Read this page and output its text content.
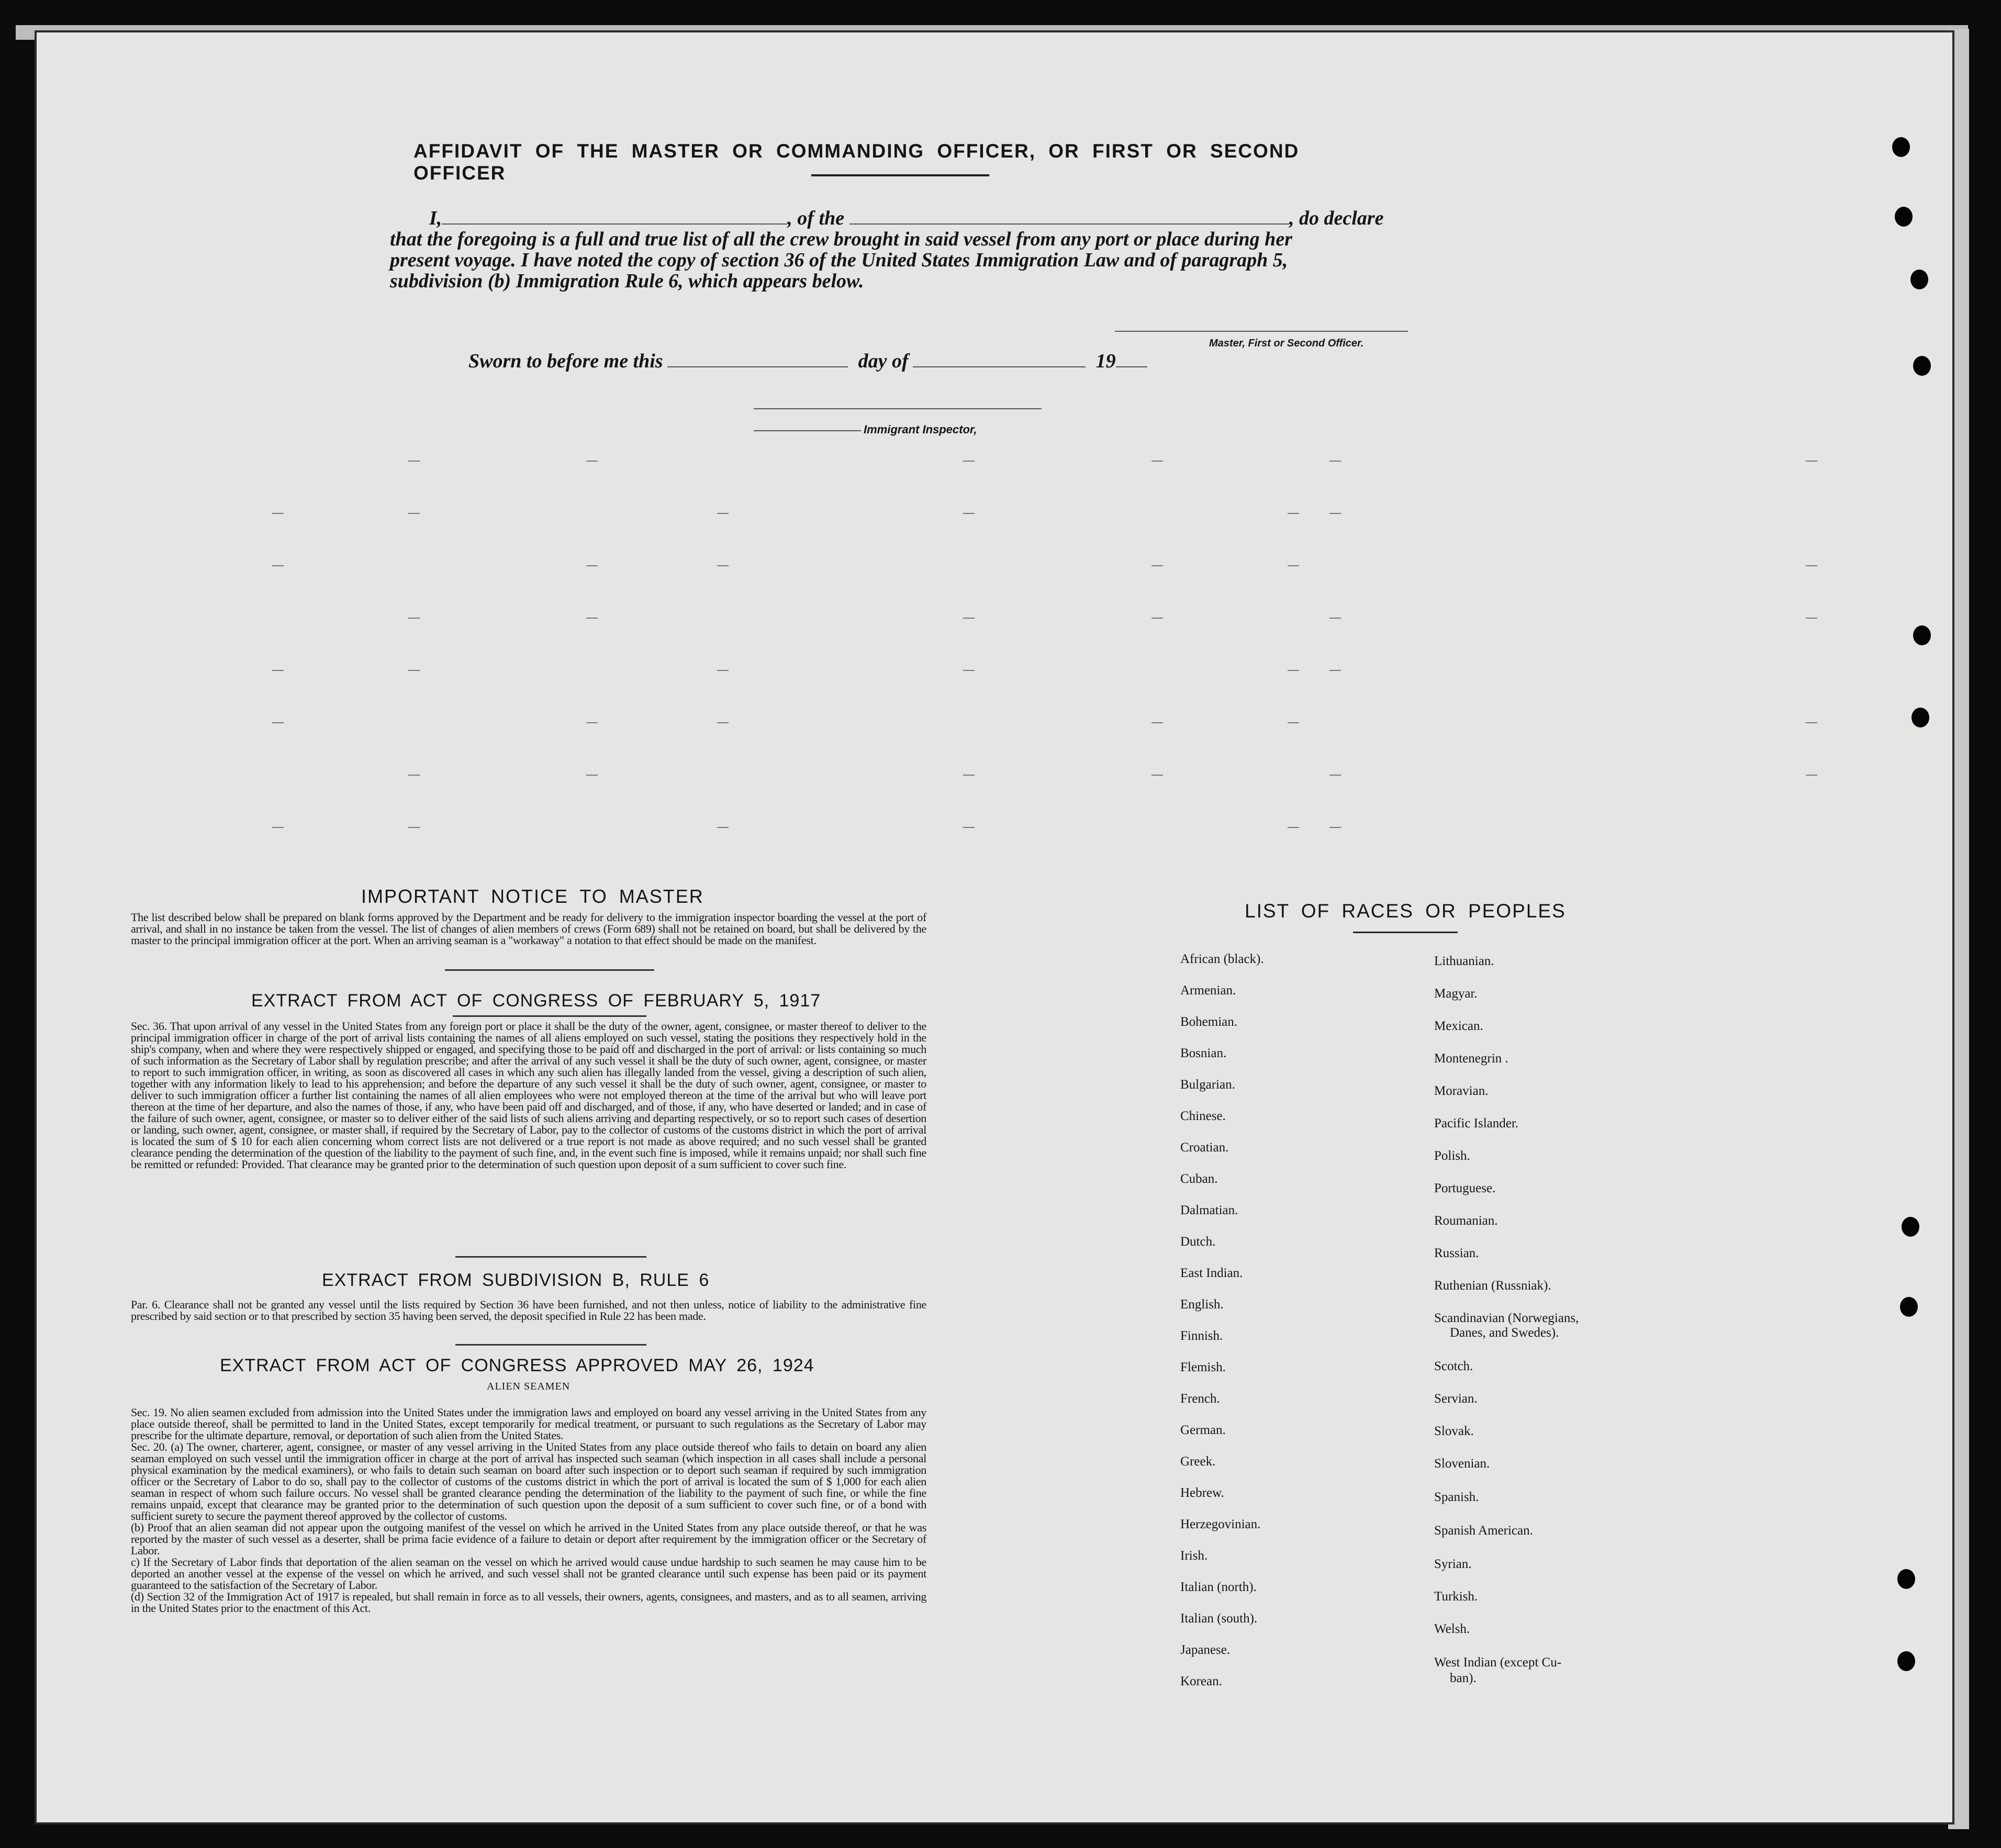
AFFIDAVIT OF THE MASTER OR COMMANDING OFFICER, OR FIRST OR SECOND OFFICER
I,	, of the	, do declare
that the foregoing is a full and true list of all the crew brought in said vessel from any port or place during her
present voyage. I have noted the copy of section 36 of the United States Immigration Law and of paragraph 5,
subdivision (b) Immigration Rule 6, which appears below.
Master, First or Second Officer.
Sworn to before me this	day of	19
Immigrant Inspector,
IMPORTANT NOTICE TO MASTER
The list described below shall be prepared on blank forms approved by the Department and be ready for delivery to the immigration inspector boarding the vessel at the port of arrival, and shall in no instance be taken from the vessel. The list of changes of alien members of crews (Form 689) shall not be retained on board, but shall be delivered by the master to the principal immigration officer at the port. When an arriving seaman is a "workaway" a notation to that effect should be made on the manifest.
EXTRACT FROM ACT OF CONGRESS OF FEBRUARY 5, 1917
Sec. 36. That upon arrival of any vessel in the United States from any foreign port or place it shall be the duty of the owner, agent, consignee, or master thereof to deliver to the principal immigration officer in charge of the port of arrival lists containing the names of all aliens employed on such vessel, stating the positions they respectively hold in the ship's company, when and where they were respectively shipped or engaged, and specifying those to be paid off and discharged in the port of arrival: or lists containing so much of such information as the Secretary of Labor shall by regulation prescribe; and after the arrival of any such vessel it shall be the duty of such owner, agent, consignee, or master to report to such immigration officer, in writing, as soon as discovered all cases in which any such alien has illegally landed from the vessel, giving a description of such alien, together with any information likely to lead to his apprehension; and before the departure of any such vessel it shall be the duty of such owner, agent, consignee, or master to deliver to such immigration officer a further list containing the names of all alien employees who were not employed thereon at the time of the arrival but who will leave port thereon at the time of her departure, and also the names of those, if any, who have been paid off and discharged, and of those, if any, who have deserted or landed; and in case of the failure of such owner, agent, consignee, or master so to deliver either of the said lists of such aliens arriving and departing respectively, or so to report such cases of desertion or landing, such owner, agent, consignee, or master shall, if required by the Secretary of Labor, pay to the collector of customs of the customs district in which the port of arrival is located the sum of $ 10 for each alien concerning whom correct lists are not delivered or a true report is not made as above required; and no such vessel shall be granted clearance pending the determination of the question of the liability to the payment of such fine, and, in the event such fine is imposed, while it remains unpaid; nor shall such fine be remitted or refunded: Provided. That clearance may be granted prior to the determination of such question upon deposit of a sum sufficient to cover such fine.
EXTRACT FROM SUBDIVISION B, RULE 6
Par. 6. Clearance shall not be granted any vessel until the lists required by Section 36 have been furnished, and not then unless, notice of liability to the administrative fine prescribed by said section or to that prescribed by section 35 having been served, the deposit specified in Rule 22 has been made.
EXTRACT FROM ACT OF CONGRESS APPROVED MAY 26, 1924
ALIEN SEAMEN

Sec. 19. No alien seamen excluded from admission into the United States under the immigration laws and employed on board any vessel arriving in the United States from any place outside thereof, shall be permitted to land in the United States, except temporarily for medical treatment, or pursuant to such regulations as the Secretary of Labor may prescribe for the ultimate departure, removal, or deportation of such alien from the United States.

Sec. 20. (a) The owner, charterer, agent, consignee, or master of any vessel arriving in the United States from any place outside thereof who fails to detain on board any alien seaman employed on such vessel until the immigration officer in charge at the port of arrival has inspected such seaman (which inspection in all cases shall include a personal physical examination by the medical examiners), or who fails to detain such seaman on board after such inspection or to deport such seaman if required by such immigration officer or the Secretary of Labor to do so, shall pay to the collector of customs of the customs district in which the port of arrival is located the sum of $ 1,000 for each alien seaman in respect of whom such failure occurs. No vessel shall be granted clearance pending the determination of the liability to the payment of such fine, or while the fine remains unpaid, except that clearance may be granted prior to the determination of such question upon the deposit of a sum sufficient to cover such fine, or of a bond with sufficient surety to secure the payment thereof approved by the collector of customs.

(b) Proof that an alien seaman did not appear upon the outgoing manifest of the vessel on which he arrived in the United States from any place outside thereof, or that he was reported by the master of such vessel as a deserter, shall be prima facie evidence of a failure to detain or deport after requirement by the immigration officer or the Secretary of Labor.

c) If the Secretary of Labor finds that deportation of the alien seaman on the vessel on which he arrived would cause undue hardship to such seamen he may cause him to be deported an another vessel at the expense of the vessel on which he arrived, and such vessel shall not be granted clearance until such expense has been paid or its payment guaranteed to the satisfaction of the Secretary of Labor.

(d) Section 32 of the Immigration Act of 1917 is repealed, but shall remain in force as to all vessels, their owners, agents, consignees, and masters, and as to all seamen, arriving in the United States prior to the enactment of this Act.

LIST OF RACES OR PEOPLES
African (black).
Armenian.
Bohemian.
Bosnian.
Bulgarian.
Chinese.
Croatian.
Cuban.
Dalmatian.
Dutch.
East Indian.
English.
Finnish.
Flemish.
French.
German.
Greek.
Hebrew.
Herzegovinian.
Irish.
Italian (north).
Italian (south).
Japanese.
Korean.
Lithuanian.
Magyar.
Mexican.
Montenegrin .
Moravian.
Pacific Islander.
Polish.
Portuguese.
Roumanian.
Russian.
Ruthenian (Russniak).
Scandinavian (Norwegians,
Danes, and Swedes).
Scotch.
Servian.
Slovak.
Slovenian.
Spanish.
Spanish American.
Syrian.
Turkish.
Welsh.
West Indian (except Cu-
ban).
